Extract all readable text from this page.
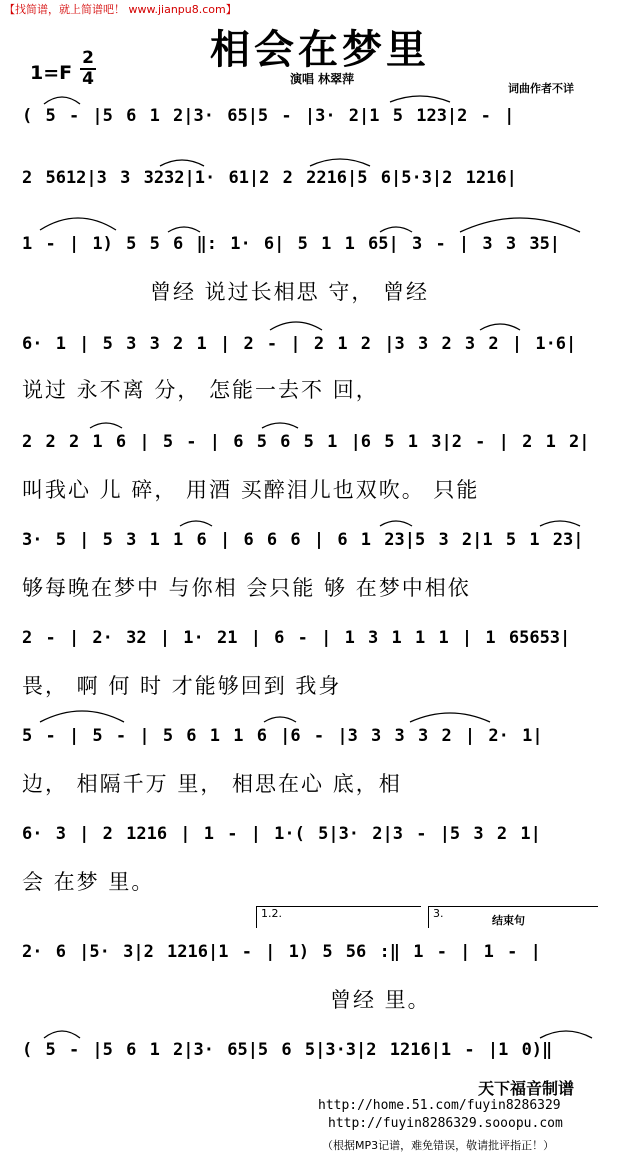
【找简谱，就上简谱吧！ www.jianpu8.com】
相会在梦里
1=F
2
4	演唱 林翠萍
词曲作者不详
( 5 - |5 6 1 2|3· 65|5 - |3· 2|1 5 123|2 - |
2 5612|3 3 3232|1· 61|2 2 2216|5 6|5·3|2 1216|
1 - | 1) 5 5 6 ‖: 1· 6| 5 1 1 65| 3 - | 3 3 35|
曾经 说过长相思 守， 曾经
6· 1 | 5 3 3 2 1 | 2 - | 2 1 2 |3 3 2 3 2 | 1·6|
说过 永不离 分， 怎能一去不 回，
2 2 2 1 6 | 5 - | 6 5 6 5 1 |6 5 1 3|2 - | 2 1 2|
叫我心 儿 碎， 用酒 买醉泪儿也双吹。 只能
3· 5 | 5 3 1 1 6 | 6 6 6 | 6 1 23|5 3 2|1 5 1 23|
够每晚在梦中 与你相 会只能 够 在梦中相依
2 - | 2· 32 | 1· 21 | 6 - | 1 3 1 1 1 | 1 65653|
畏， 啊 何 时 才能够回到 我身
5 - | 5 - | 5 6 1 1 6 |6 - |3 3 3 3 2 | 2· 1|
边， 相隔千万 里， 相思在心 底，相
6· 3 | 2 1216 | 1 - | 1·( 5|3· 2|3 - |5 3 2 1|
会 在梦 里。
1.2.	3.
结束句
2· 6 |5· 3|2 1216|1 - | 1) 5 56 :‖ 1 - | 1 - |
曾经 里。
( 5 - |5 6 1 2|3· 65|5 6 5|3·3|2 1216|1 - |1 0)‖
天下福音制谱
http://home.51.com/fuyin8286329
http://fuyin8286329.sooopu.com
（根据MP3记谱，难免错误，敬请批评指正！）
